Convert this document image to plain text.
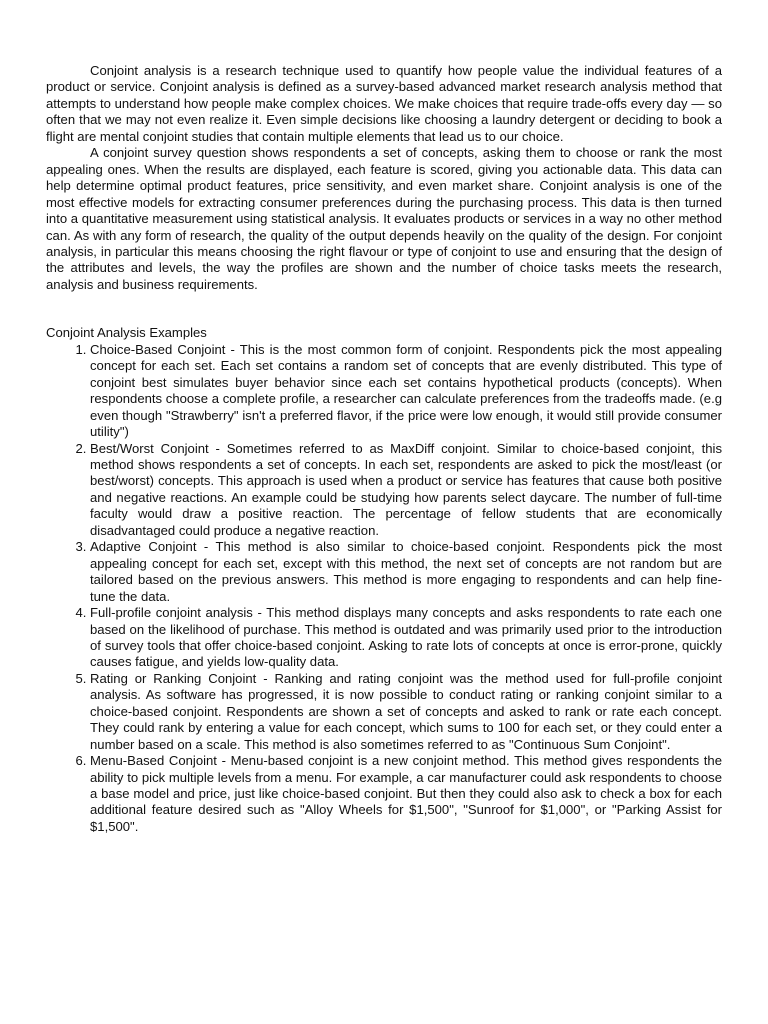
Conjoint analysis is a research technique used to quantify how people value the individual features of a product or service. Conjoint analysis is defined as a survey-based advanced market research analysis method that attempts to understand how people make complex choices. We make choices that require trade-offs every day — so often that we may not even realize it. Even simple decisions like choosing a laundry detergent or deciding to book a flight are mental conjoint studies that contain multiple elements that lead us to our choice.

A conjoint survey question shows respondents a set of concepts, asking them to choose or rank the most appealing ones. When the results are displayed, each feature is scored, giving you actionable data. This data can help determine optimal product features, price sensitivity, and even market share. Conjoint analysis is one of the most effective models for extracting consumer preferences during the purchasing process. This data is then turned into a quantitative measurement using statistical analysis. It evaluates products or services in a way no other method can. As with any form of research, the quality of the output depends heavily on the quality of the design. For conjoint analysis, in particular this means choosing the right flavour or type of conjoint to use and ensuring that the design of the attributes and levels, the way the profiles are shown and the number of choice tasks meets the research, analysis and business requirements.

Conjoint Analysis Examples
1. Choice-Based Conjoint - This is the most common form of conjoint. Respondents pick the most appealing concept for each set. Each set contains a random set of concepts that are evenly distributed. This type of conjoint best simulates buyer behavior since each set contains hypothetical products (concepts). When respondents choose a complete profile, a researcher can calculate preferences from the tradeoffs made. (e.g even though "Strawberry" isn't a preferred flavor, if the price were low enough, it would still provide consumer utility")
2. Best/Worst Conjoint - Sometimes referred to as MaxDiff conjoint. Similar to choice-based conjoint, this method shows respondents a set of concepts. In each set, respondents are asked to pick the most/least (or best/worst) concepts. This approach is used when a product or service has features that cause both positive and negative reactions. An example could be studying how parents select daycare. The number of full-time faculty would draw a positive reaction. The percentage of fellow students that are economically disadvantaged could produce a negative reaction.
3. Adaptive Conjoint - This method is also similar to choice-based conjoint. Respondents pick the most appealing concept for each set, except with this method, the next set of concepts are not random but are tailored based on the previous answers. This method is more engaging to respondents and can help fine-tune the data.
4. Full-profile conjoint analysis - This method displays many concepts and asks respondents to rate each one based on the likelihood of purchase. This method is outdated and was primarily used prior to the introduction of survey tools that offer choice-based conjoint. Asking to rate lots of concepts at once is error-prone, quickly causes fatigue, and yields low-quality data.
5. Rating or Ranking Conjoint - Ranking and rating conjoint was the method used for full-profile conjoint analysis. As software has progressed, it is now possible to conduct rating or ranking conjoint similar to a choice-based conjoint. Respondents are shown a set of concepts and asked to rank or rate each concept. They could rank by entering a value for each concept, which sums to 100 for each set, or they could enter a number based on a scale. This method is also sometimes referred to as "Continuous Sum Conjoint".
6. Menu-Based Conjoint - Menu-based conjoint is a new conjoint method. This method gives respondents the ability to pick multiple levels from a menu. For example, a car manufacturer could ask respondents to choose a base model and price, just like choice-based conjoint. But then they could also ask to check a box for each additional feature desired such as "Alloy Wheels for $1,500", "Sunroof for $1,000", or "Parking Assist for $1,500".
